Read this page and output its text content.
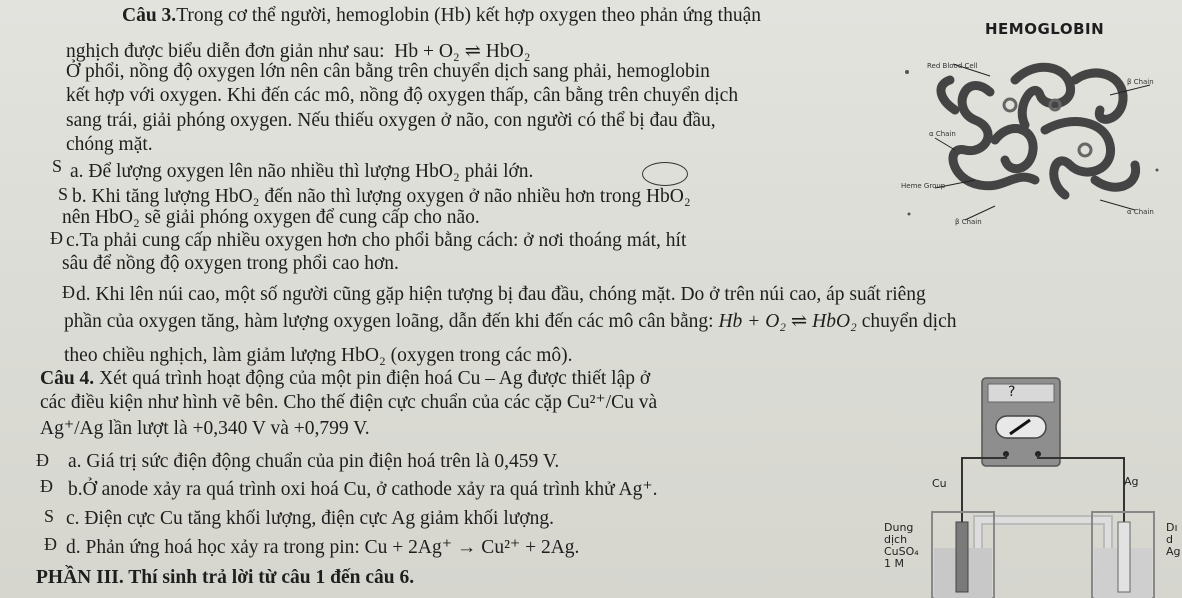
Câu 3.Trong cơ thể người, hemoglobin (Hb) kết hợp oxygen theo phản ứng thuận
nghịch được biểu diễn đơn giản như sau: Hb + O₂ ⇌ HbO₂
Ở phổi, nồng độ oxygen lớn nên cân bằng trên chuyển dịch sang phải, hemoglobin
kết hợp với oxygen. Khi đến các mô, nồng độ oxygen thấp, cân bằng trên chuyển dịch
sang trái, giải phóng oxygen. Nếu thiếu oxygen ở não, con người có thể bị đau đầu,
chóng mặt.
S a. Để lượng oxygen lên não nhiều thì lượng HbO₂ phải lớn.
S b. Khi tăng lượng HbO₂ đến não thì lượng oxygen ở não nhiều hơn trong HbO₂
nên HbO₂ sẽ giải phóng oxygen để cung cấp cho não.
Đ c.Ta phải cung cấp nhiều oxygen hơn cho phổi bằng cách: ở nơi thoáng mát, hít
sâu để nồng độ oxygen trong phổi cao hơn.
Đ d. Khi lên núi cao, một số người cũng gặp hiện tượng bị đau đầu, chóng mặt. Do ở trên núi cao, áp suất riêng
phần của oxygen tăng, hàm lượng oxygen loãng, dẫn đến khi đến các mô cân bằng: Hb + O₂ ⇌ HbO₂ chuyển dịch
theo chiều nghịch, làm giảm lượng HbO₂ (oxygen trong các mô).
HEMOGLOBIN
Red Blood Cell
β Chain
α Chain
Heme Group
β Chain
α Chain
Câu 4. Xét quá trình hoạt động của một pin điện hoá Cu – Ag được thiết lập ở
các điều kiện như hình vẽ bên. Cho thế điện cực chuẩn của các cặp Cu²⁺/Cu và
Ag⁺/Ag lần lượt là +0,340 V và +0,799 V.
Đ a. Giá trị sức điện động chuẩn của pin điện hoá trên là 0,459 V.
Đ b.Ở anode xảy ra quá trình oxi hoá Cu, ở cathode xảy ra quá trình khử Ag⁺.
S c. Điện cực Cu tăng khối lượng, điện cực Ag giảm khối lượng.
Đ d. Phản ứng hoá học xảy ra trong pin: Cu + 2Ag⁺ → Cu²⁺ + 2Ag.
PHẦN III. Thí sinh trả lời từ câu 1 đến câu 6.
?
Cu	Ag
Dung
dịch
CuSO₄
1 M
Dı
d
Ag
